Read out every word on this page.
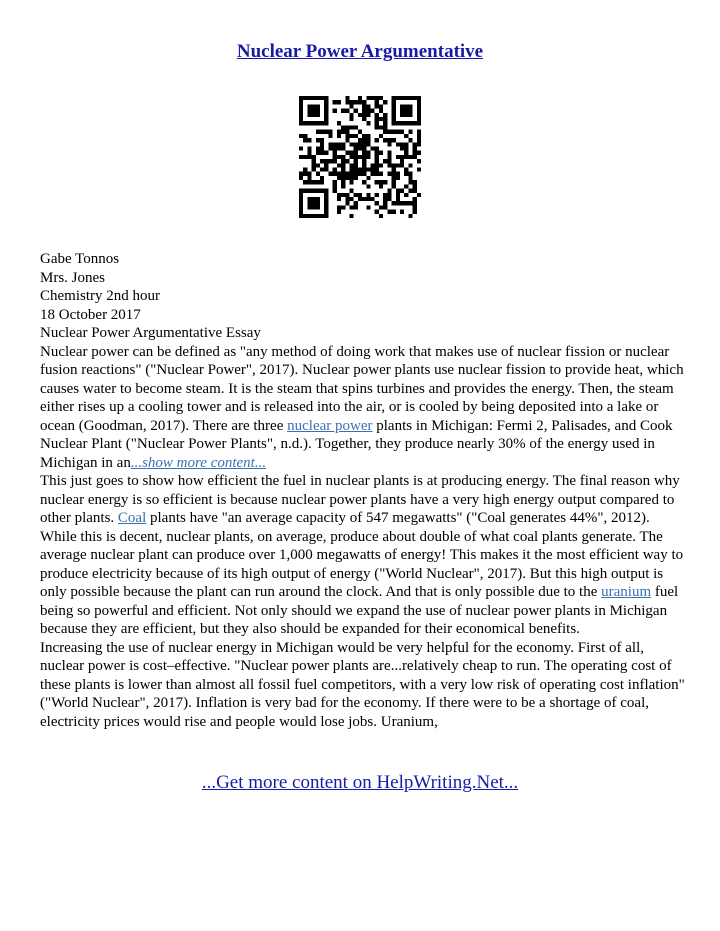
Nuclear Power Argumentative

Gabe Tonnos

Mrs. Jones

Chemistry 2nd hour

18 October 2017

Nuclear Power Argumentative Essay

Nuclear power can be defined as "any method of doing work that makes use of nuclear fission or nuclear fusion reactions" ("Nuclear Power", 2017). Nuclear power plants use nuclear fission to provide heat, which causes water to become steam. It is the steam that spins turbines and provides the energy. Then, the steam either rises up a cooling tower and is released into the air, or is cooled by being deposited into a lake or ocean (Goodman, 2017). There are three nuclear power plants in Michigan: Fermi 2, Palisades, and Cook Nuclear Plant ("Nuclear Power Plants", n.d.). Together, they produce nearly 30% of the energy used in Michigan in an...show more content...

This just goes to show how efficient the fuel in nuclear plants is at producing energy. The final reason why nuclear energy is so efficient is because nuclear power plants have a very high energy output compared to other plants. Coal plants have "an average capacity of 547 megawatts" ("Coal generates 44%", 2012). While this is decent, nuclear plants, on average, produce about double of what coal plants generate. The average nuclear plant can produce over 1,000 megawatts of energy! This makes it the most efficient way to produce electricity because of its high output of energy ("World Nuclear", 2017). But this high output is only possible because the plant can run around the clock. And that is only possible due to the uranium fuel being so powerful and efficient. Not only should we expand the use of nuclear power plants in Michigan because they are efficient, but they also should be expanded for their economical benefits.

Increasing the use of nuclear energy in Michigan would be very helpful for the economy. First of all, nuclear power is cost–effective. "Nuclear power plants are...relatively cheap to run. The operating cost of these plants is lower than almost all fossil fuel competitors, with a very low risk of operating cost inflation" ("World Nuclear", 2017). Inflation is very bad for the economy. If there were to be a shortage of coal, electricity prices would rise and people would lose jobs. Uranium,

...Get more content on HelpWriting.Net...
